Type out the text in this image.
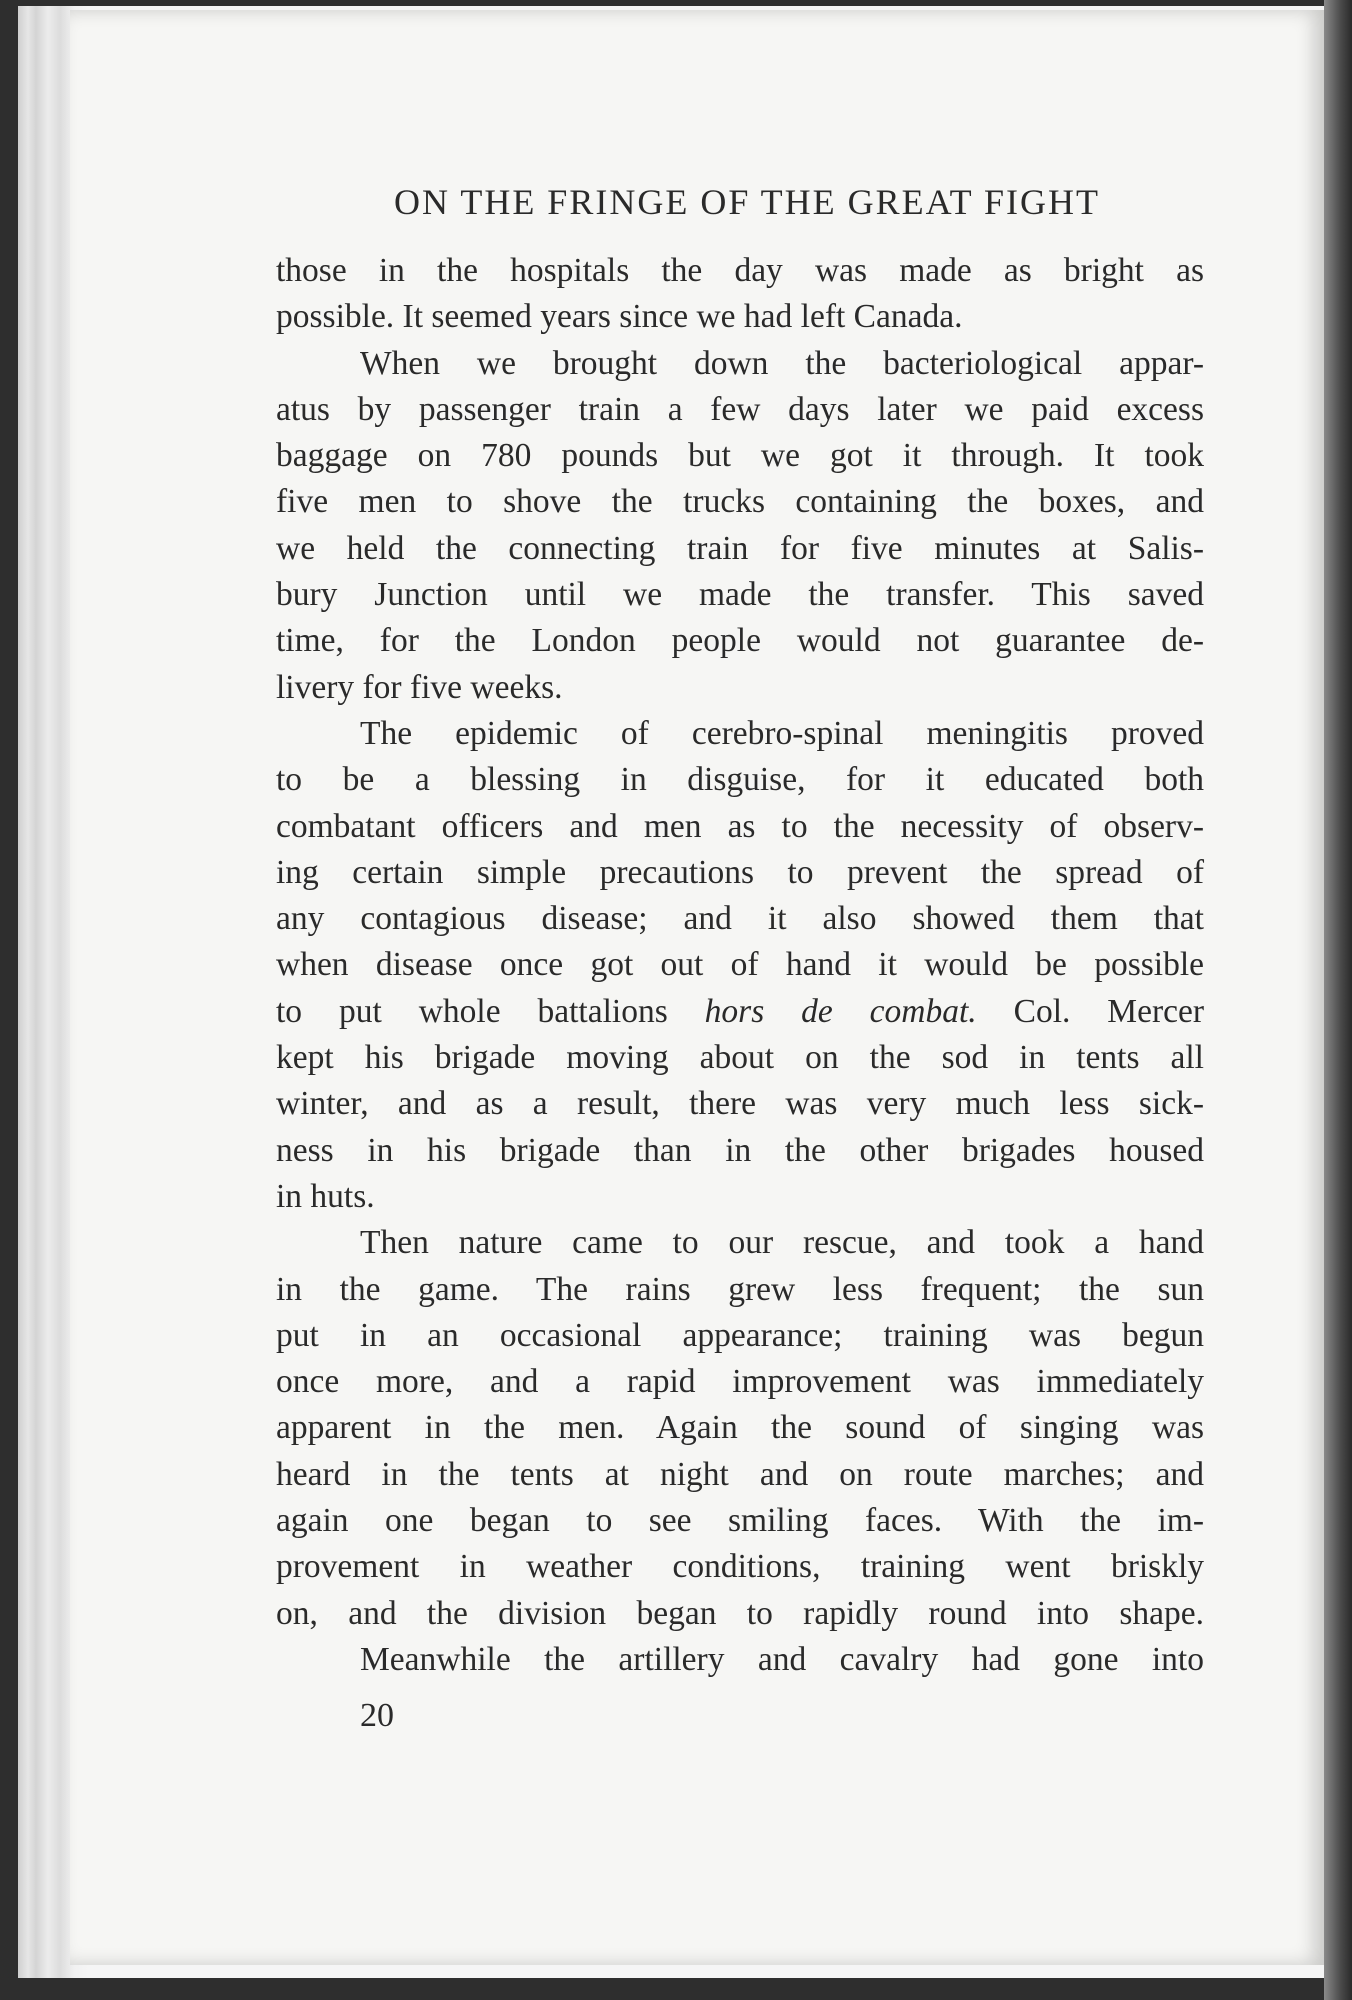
ON THE FRINGE OF THE GREAT FIGHT
those in the hospitals the day was made as bright as
possible. It seemed years since we had left Canada.
When we brought down the bacteriological appar-
atus by passenger train a few days later we paid excess
baggage on 780 pounds but we got it through. It took
five men to shove the trucks containing the boxes, and
we held the connecting train for five minutes at Salis-
bury Junction until we made the transfer. This saved
time, for the London people would not guarantee de-
livery for five weeks.
The epidemic of cerebro-spinal meningitis proved
to be a blessing in disguise, for it educated both
combatant officers and men as to the necessity of observ-
ing certain simple precautions to prevent the spread of
any contagious disease; and it also showed them that
when disease once got out of hand it would be possible
to put whole battalions hors de combat. Col. Mercer
kept his brigade moving about on the sod in tents all
winter, and as a result, there was very much less sick-
ness in his brigade than in the other brigades housed
in huts.
Then nature came to our rescue, and took a hand
in the game. The rains grew less frequent; the sun
put in an occasional appearance; training was begun
once more, and a rapid improvement was immediately
apparent in the men. Again the sound of singing was
heard in the tents at night and on route marches; and
again one began to see smiling faces. With the im-
provement in weather conditions, training went briskly
on, and the division began to rapidly round into shape.
Meanwhile the artillery and cavalry had gone into
20
